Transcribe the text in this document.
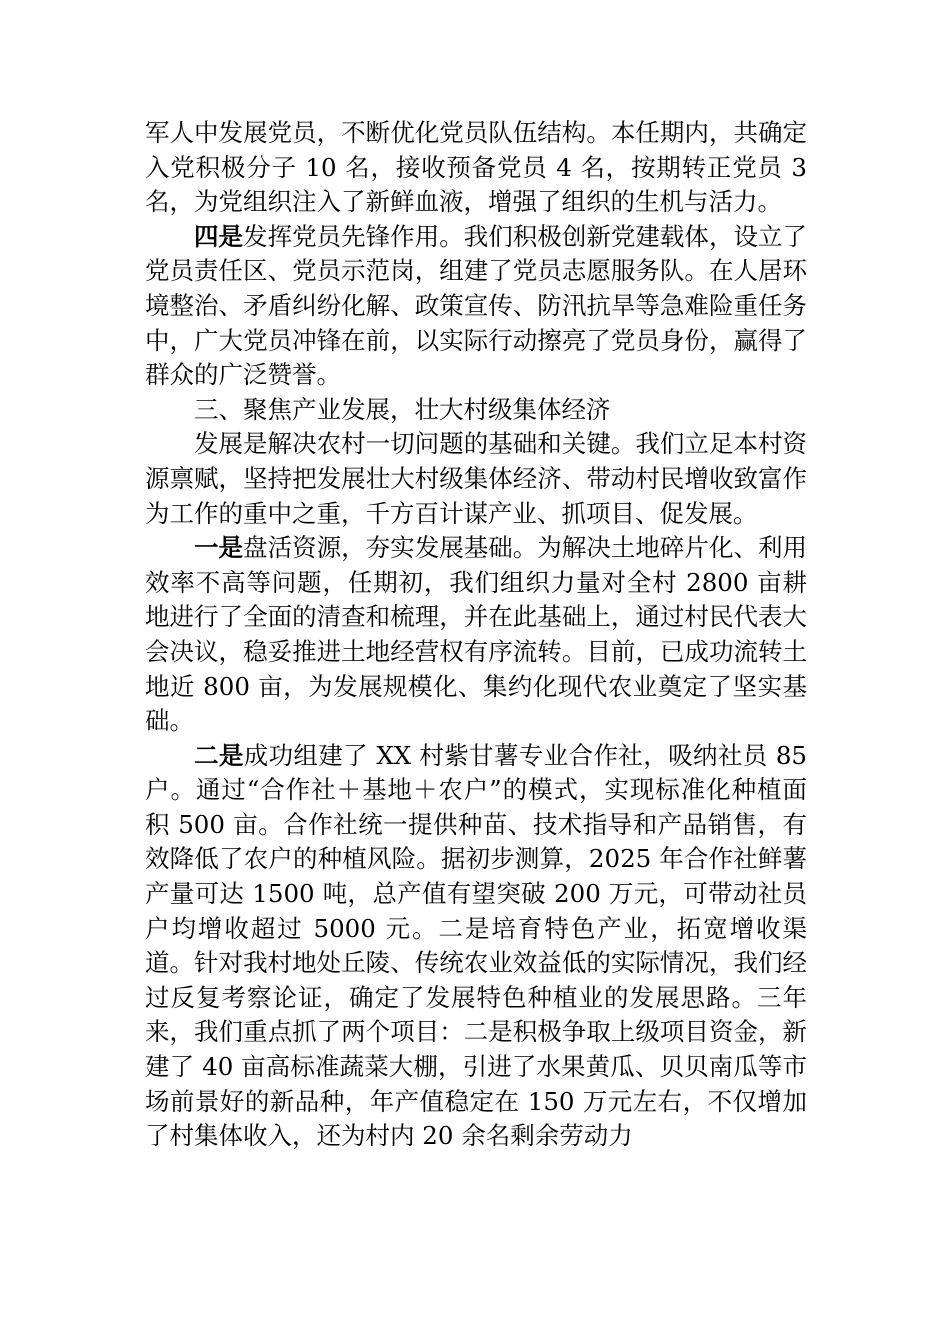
军人中发展党员，不断优化党员队伍结构。本任期内，共确定入党积极分子 10 名，接收预备党员 4 名，按期转正党员 3 名，为党组织注入了新鲜血液，增强了组织的生机与活力。

四是发挥党员先锋作用。我们积极创新党建载体，设立了党员责任区、党员示范岗，组建了党员志愿服务队。在人居环境整治、矛盾纠纷化解、政策宣传、防汛抗旱等急难险重任务中，广大党员冲锋在前，以实际行动擦亮了党员身份，赢得了群众的广泛赞誉。

三、聚焦产业发展，壮大村级集体经济

发展是解决农村一切问题的基础和关键。我们立足本村资源禀赋，坚持把发展壮大村级集体经济、带动村民增收致富作为工作的重中之重，千方百计谋产业、抓项目、促发展。

一是盘活资源，夯实发展基础。为解决土地碎片化、利用效率不高等问题，任期初，我们组织力量对全村 2800 亩耕地进行了全面的清查和梳理，并在此基础上，通过村民代表大会决议，稳妥推进土地经营权有序流转。目前，已成功流转土地近 800 亩，为发展规模化、集约化现代农业奠定了坚实基础。

二是成功组建了 XX 村紫甘薯专业合作社，吸纳社员 85 户。通过“合作社＋基地＋农户”的模式，实现标准化种植面积 500 亩。合作社统一提供种苗、技术指导和产品销售，有效降低了农户的种植风险。据初步测算，2025 年合作社鲜薯产量可达 1500 吨，总产值有望突破 200 万元，可带动社员户均增收超过 5000 元。二是培育特色产业，拓宽增收渠道。针对我村地处丘陵、传统农业效益低的实际情况，我们经过反复考察论证，确定了发展特色种植业的发展思路。三年来，我们重点抓了两个项目：二是积极争取上级项目资金，新建了 40 亩高标准蔬菜大棚，引进了水果黄瓜、贝贝南瓜等市场前景好的新品种，年产值稳定在 150 万元左右，不仅增加了村集体收入，还为村内 20 余名剩余劳动力
